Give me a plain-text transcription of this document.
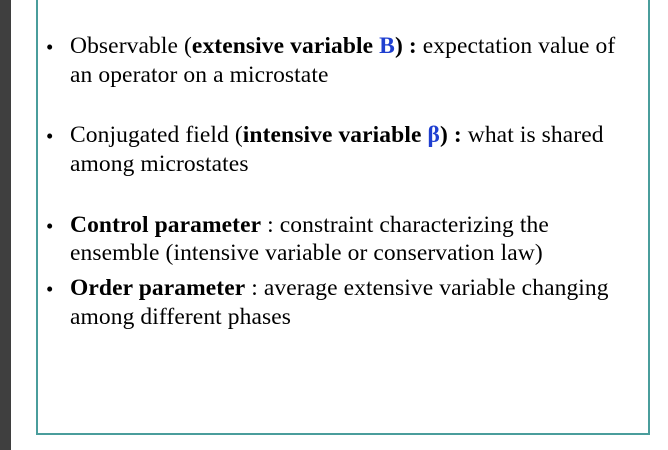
• Observable (extensive variable B) : expectation value of an operator on a microstate
• Conjugated field (intensive variable β) : what is shared among microstates
• Control parameter : constraint characterizing the ensemble (intensive variable or conservation law)
• Order parameter : average extensive variable changing among different phases
